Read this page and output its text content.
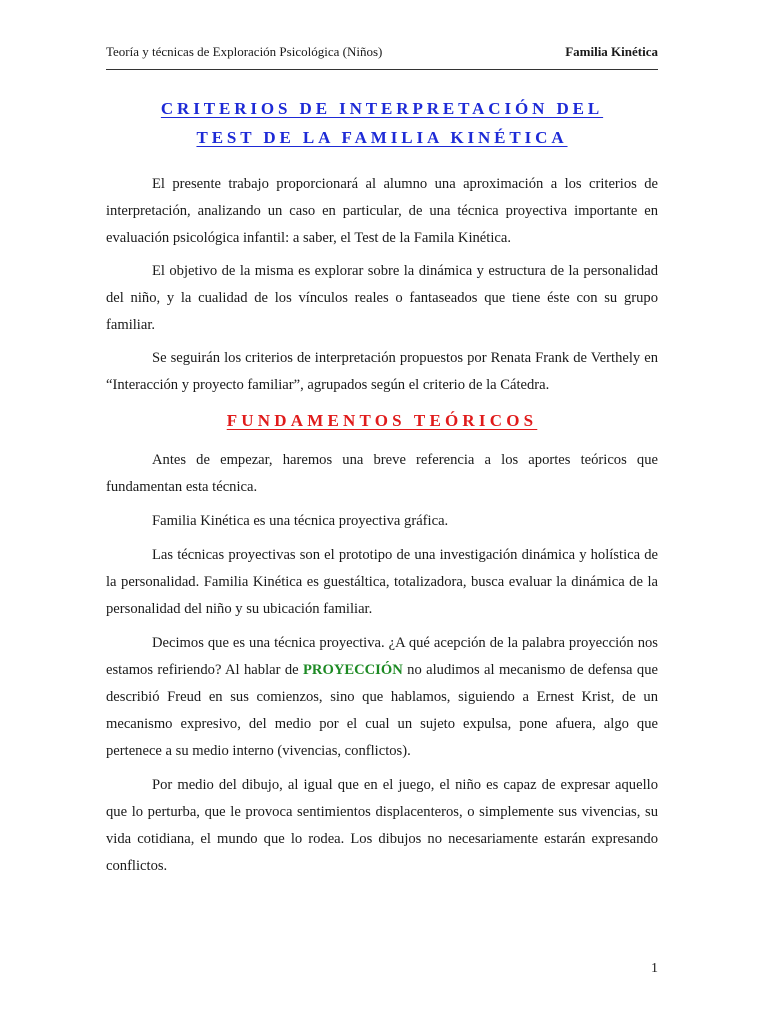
Teoría y técnicas de Exploración Psicológica (Niños)	Familia Kinética
CRITERIOS DE INTERPRETACIÓN DEL
TEST DE LA FAMILIA KINÉTICA

El presente trabajo proporcionará al alumno una aproximación a los criterios de interpretación, analizando un caso en particular, de una técnica proyectiva importante en evaluación psicológica infantil: a saber, el Test de la Famila Kinética.

El objetivo de la misma es explorar sobre la dinámica y estructura de la personalidad del niño, y la cualidad de los vínculos reales o fantaseados que tiene éste con su grupo familiar.

Se seguirán los criterios de interpretación propuestos por Renata Frank de Verthely en “Interacción y proyecto familiar”, agrupados según el criterio de la Cátedra.

FUNDAMENTOS TEÓRICOS

Antes de empezar, haremos una breve referencia a los aportes teóricos que fundamentan esta técnica.

Familia Kinética es una técnica proyectiva gráfica.

Las técnicas proyectivas son el prototipo de una investigación dinámica y holística de la personalidad. Familia Kinética es guestáltica, totalizadora, busca evaluar la dinámica de la personalidad del niño y su ubicación familiar.

Decimos que es una técnica proyectiva. ¿A qué acepción de la palabra proyección nos estamos refiriendo? Al hablar de PROYECCIÓN no aludimos al mecanismo de defensa que describió Freud en sus comienzos, sino que hablamos, siguiendo a Ernest Krist, de un mecanismo expresivo, del medio por el cual un sujeto expulsa, pone afuera, algo que pertenece a su medio interno (vivencias, conflictos).

Por medio del dibujo, al igual que en el juego, el niño es capaz de expresar aquello que lo perturba, que le provoca sentimientos displacenteros, o simplemente sus vivencias, su vida cotidiana, el mundo que lo rodea. Los dibujos no necesariamente estarán expresando conflictos.

1
